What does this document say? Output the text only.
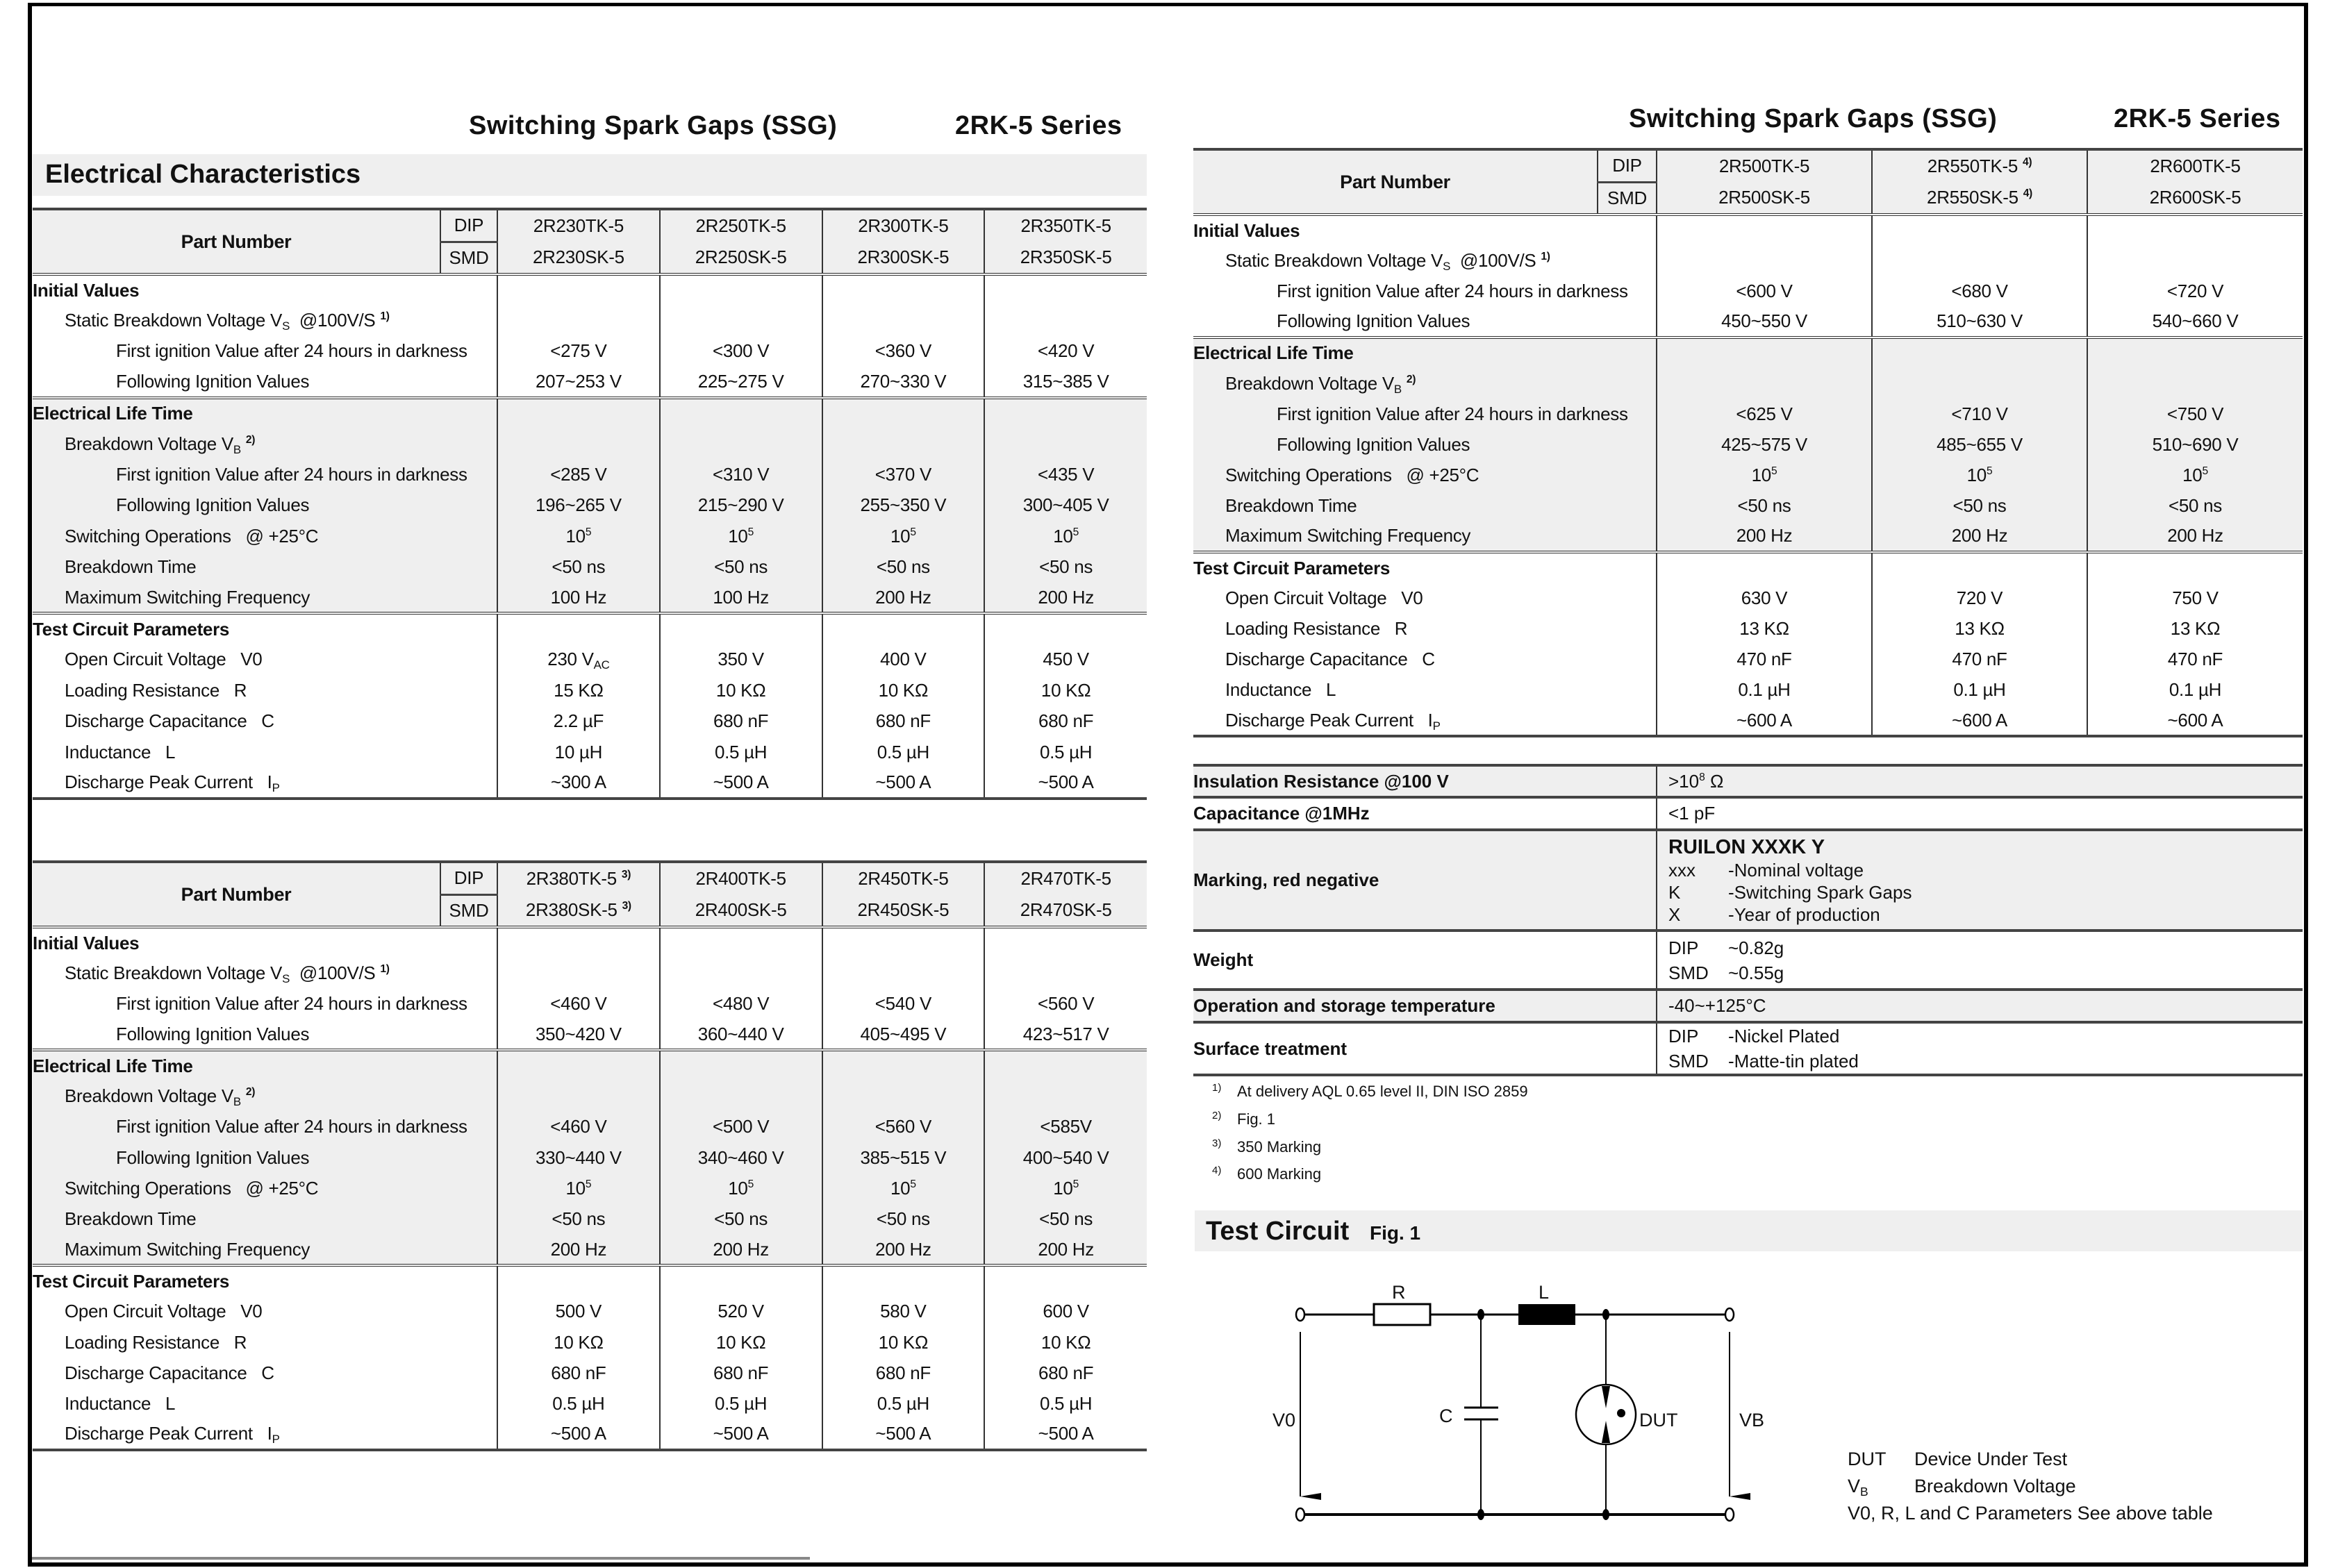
Switching Spark Gaps (SSG)	2RK-5 Series
Electrical Characteristics
Part Number	DIP	2R230TK-5	2R250TK-5	2R300TK-5	2R350TK-5
	SMD	2R230SK-5	2R250SK-5	2R300SK-5	2R350SK-5
Initial Values					
Static Breakdown Voltage $V_S$  @100V/S $^{1)}$				
First ignition Value after 24 hours in darkness		<275 V	<300 V	<360 V	<420 V
Following Ignition Values		207~253 V	225~275 V	270~330 V	315~385 V
Electrical Life Time					
Breakdown Voltage $V_B$ $^{2)}$				
First ignition Value after 24 hours in darkness		<285 V	<310 V	<370 V	<435 V
Following Ignition Values		196~265 V	215~290 V	255~350 V	300~405 V
Switching Operations   @ +25°C		$10^5$	$10^5$	$10^5$	$10^5$
Breakdown Time		<50 ns	<50 ns	<50 ns	<50 ns
Maximum Switching Frequency		100 Hz	100 Hz	200 Hz	200 Hz
Test Circuit Parameters					
Open Circuit Voltage   V0		230 $V_{AC}$	350 V	400 V	450 V
Loading Resistance   R		15 KΩ	10 KΩ	10 KΩ	10 KΩ
Discharge Capacitance   C		2.2 µF	680 nF	680 nF	680 nF
Inductance   L		10 µH	0.5 µH	0.5 µH	0.5 µH
Discharge Peak Current   $I_P$		~300 A	~500 A	~500 A	~500 A
Part Number	DIP	2R380TK-5 $^{3)}$	2R400TK-5	2R450TK-5	2R470TK-5
	SMD	2R380SK-5 $^{3)}$	2R400SK-5	2R450SK-5	2R470SK-5
Initial Values					
Static Breakdown Voltage $V_S$  @100V/S $^{1)}$				
First ignition Value after 24 hours in darkness		<460 V	<480 V	<540 V	<560 V
Following Ignition Values		350~420 V	360~440 V	405~495 V	423~517 V
Electrical Life Time					
Breakdown Voltage $V_B$ $^{2)}$				
First ignition Value after 24 hours in darkness		<460 V	<500 V	<560 V	<585V
Following Ignition Values		330~440 V	340~460 V	385~515 V	400~540 V
Switching Operations   @ +25°C		$10^5$	$10^5$	$10^5$	$10^5$
Breakdown Time		<50 ns	<50 ns	<50 ns	<50 ns
Maximum Switching Frequency		200 Hz	200 Hz	200 Hz	200 Hz
Test Circuit Parameters					
Open Circuit Voltage   V0		500 V	520 V	580 V	600 V
Loading Resistance   R		10 KΩ	10 KΩ	10 KΩ	10 KΩ
Discharge Capacitance   C		680 nF	680 nF	680 nF	680 nF
Inductance   L		0.5 µH	0.5 µH	0.5 µH	0.5 µH
Discharge Peak Current   $I_P$		~500 A	~500 A	~500 A	~500 A
Switching Spark Gaps (SSG)	2RK-5 Series
Part Number	DIP	2R500TK-5	2R550TK-5 $^{4)}$	2R600TK-5
	SMD	2R500SK-5	2R550SK-5 $^{4)}$	2R600SK-5
Initial Values				
Static Breakdown Voltage $V_S$  @100V/S $^{1)}$			
First ignition Value after 24 hours in darkness		<600 V	<680 V	<720 V
Following Ignition Values		450~550 V	510~630 V	540~660 V
Electrical Life Time				
Breakdown Voltage $V_B$ $^{2)}$			
First ignition Value after 24 hours in darkness		<625 V	<710 V	<750 V
Following Ignition Values		425~575 V	485~655 V	510~690 V
Switching Operations   @ +25°C		$10^5$	$10^5$	$10^5$
Breakdown Time		<50 ns	<50 ns	<50 ns
Maximum Switching Frequency		200 Hz	200 Hz	200 Hz
Test Circuit Parameters				
Open Circuit Voltage   V0		630 V	720 V	750 V
Loading Resistance   R		13 KΩ	13 KΩ	13 KΩ
Discharge Capacitance   C		470 nF	470 nF	470 nF
Inductance   L		0.1 µH	0.1 µH	0.1 µH
Discharge Peak Current   $I_P$		~600 A	~600 A	~600 A
Insulation Resistance @100 V	$>10^8$ Ω
Capacitance @1MHz	<1 pF
Marking, red negative	RUILON XXXK Y
xxx -Nominal voltage
K -Switching Spark Gaps
X -Year of production

Weight	DIP ~0.82g
SMD ~0.55g

Operation and storage temperature	-40~+125°C
Surface treatment	DIP -Nickel Plated
SMD -Matte-tin plated
1) At delivery AQL 0.65 level II, DIN ISO 2859
2) Fig. 1
3) 350 Marking
4) 600 Marking
Test Circuit Fig. 1
R	L
C
V0	DUT	VB
DUT Device Under Test
$V_B$ Breakdown Voltage
V0, R, L and C Parameters See above table
